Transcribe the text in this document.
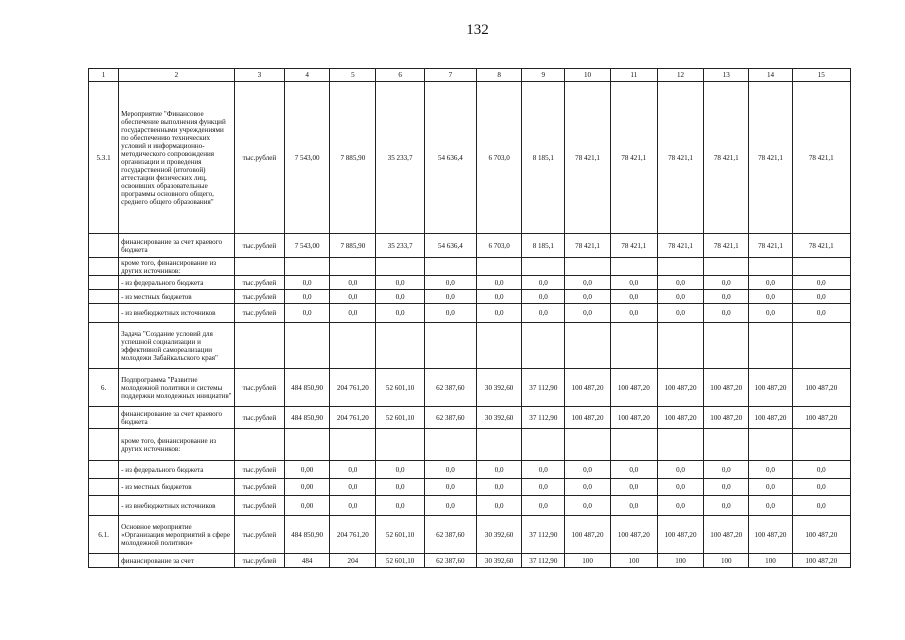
132
1	2	3	4	5	6	7	8	9	10	11	12	13	14	15
5.3.1	Мероприятие "Финансовое обеспечение выполнения функций государственными учреждениями по обеспечению технических условий и информационно-методического сопровождения организации и проведения государственной (итоговой) аттестации физических лиц, освоивших образовательные программы основного общего, среднего общего образования"	тыс.рублей	7 543,00	7 885,90	35 233,7	54 636,4	6 703,0	8 185,1	78 421,1	78 421,1	78 421,1	78 421,1	78 421,1	78 421,1
	финансирование за счет краевого бюджета	тыс.рублей	7 543,00	7 885,90	35 233,7	54 636,4	6 703,0	8 185,1	78 421,1	78 421,1	78 421,1	78 421,1	78 421,1	78 421,1
	кроме того, финансирование из других источников:													
	- из федерального бюджета	тыс.рублей	0,0	0,0	0,0	0,0	0,0	0,0	0,0	0,0	0,0	0,0	0,0	0,0
	- из местных бюджетов	тыс.рублей	0,0	0,0	0,0	0,0	0,0	0,0	0,0	0,0	0,0	0,0	0,0	0,0
	- из внебюджетных источников	тыс.рублей	0,0	0,0	0,0	0,0	0,0	0,0	0,0	0,0	0,0	0,0	0,0	0,0
	Задача "Создание условий для успешной социализации и эффективной самореализации молодежи Забайкальского края"													
6.	Подпрограмма "Развитие молодежной политики и системы поддержки молодежных инициатив"	тыс.рублей	484 850,90	204 761,20	52 601,10	62 387,60	30 392,60	37 112,90	100 487,20	100 487,20	100 487,20	100 487,20	100 487,20	100 487,20
	финансирование за счет краевого бюджета	тыс.рублей	484 850,90	204 761,20	52 601,10	62 387,60	30 392,60	37 112,90	100 487,20	100 487,20	100 487,20	100 487,20	100 487,20	100 487,20
	кроме того, финансирование из других источников:													
	- из федерального бюджета	тыс.рублей	0,00	0,0	0,0	0,0	0,0	0,0	0,0	0,0	0,0	0,0	0,0	0,0
	- из местных бюджетов	тыс.рублей	0,00	0,0	0,0	0,0	0,0	0,0	0,0	0,0	0,0	0,0	0,0	0,0
	- из внебюджетных источников	тыс.рублей	0,00	0,0	0,0	0,0	0,0	0,0	0,0	0,0	0,0	0,0	0,0	0,0
6.1.	Основное мероприятие «Организация мероприятий в сфере молодежной политики»	тыс.рублей	484 850,90	204 761,20	52 601,10	62 387,60	30 392,60	37 112,90	100 487,20	100 487,20	100 487,20	100 487,20	100 487,20	100 487,20
	финансирование за счет	тыс.рублей	484	204	52 601,10	62 387,60	30 392,60	37 112,90	100	100	100	100	100	100 487,20
